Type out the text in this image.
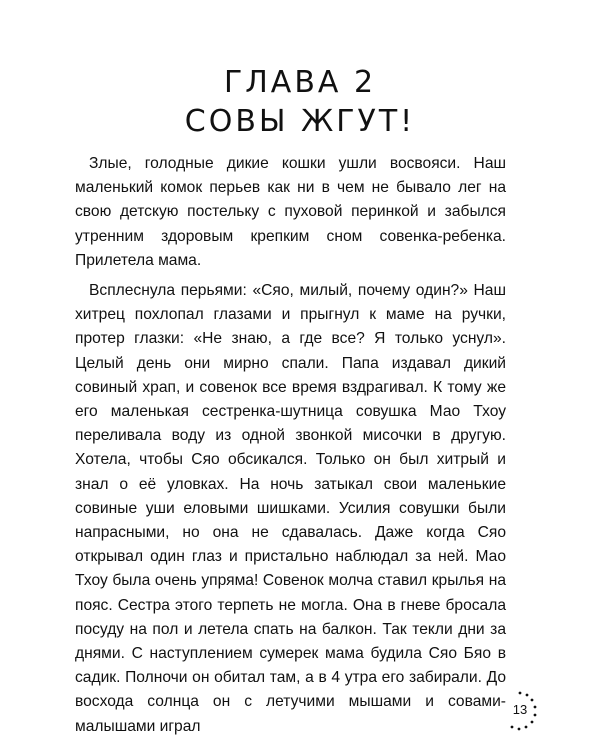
ГЛАВА 2
СОВЫ ЖГУТ!

Злые, голодные дикие кошки ушли восвояси. Наш маленький комок перьев как ни в чем не бывало лег на свою детскую постельку с пуховой перинкой и забылся утренним здоровым крепким сном совенка-ребенка. Прилетела мама.

Всплеснула перьями: «Сяо, милый, почему один?» Наш хитрец похлопал глазами и прыгнул к маме на ручки, протер глазки: «Не знаю, а где все? Я только уснул». Целый день они мирно спали. Папа издавал дикий совиный храп, и совенок все время вздрагивал. К тому же его маленькая сестренка-шутница совушка Мао Тхоу переливала воду из одной звонкой мисочки в другую. Хотела, чтобы Сяо обсикался. Только он был хитрый и знал о её уловках. На ночь затыкал свои маленькие совиные уши еловыми шишками. Усилия совушки были напрасными, но она не сдавалась. Даже когда Сяо открывал один глаз и пристально наблюдал за ней. Мао Тхоу была очень упряма! Совенок молча ставил крылья на пояс. Сестра этого терпеть не могла. Она в гневе бросала посуду на пол и летела спать на балкон. Так текли дни за днями. С наступлением сумерек мама будила Сяо Бяо в садик. Полночи он обитал там, а в 4 утра его забирали. До восхода солнца он с летучими мышами и совами-малышами играл

13
